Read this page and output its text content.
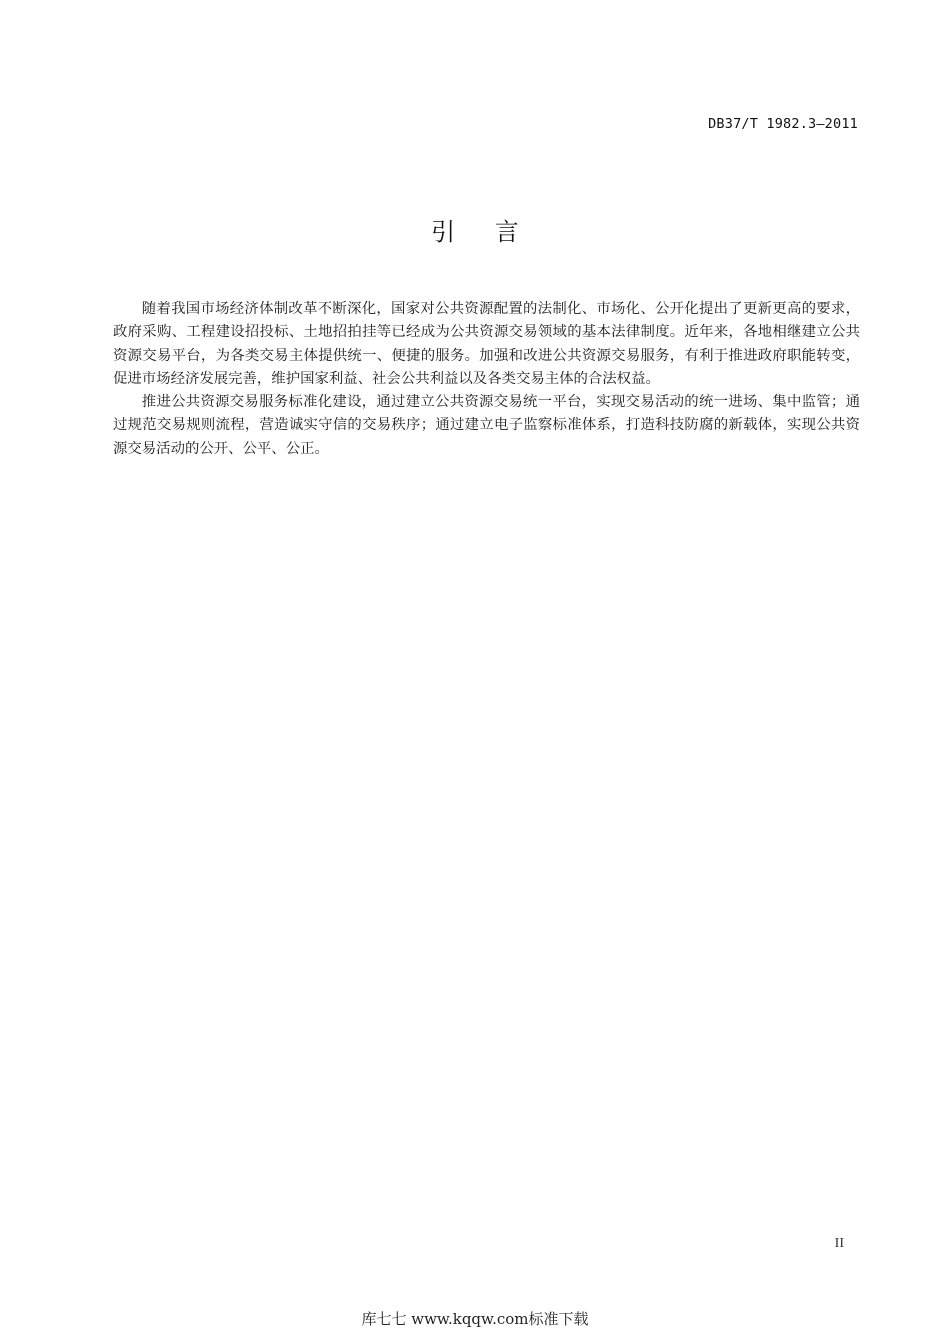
DB37/T 1982.3—2011
引 言

随着我国市场经济体制改革不断深化，国家对公共资源配置的法制化、市场化、公开化提出了更新更高的要求，政府采购、工程建设招投标、土地招拍挂等已经成为公共资源交易领域的基本法律制度。近年来，各地相继建立公共资源交易平台，为各类交易主体提供统一、便捷的服务。加强和改进公共资源交易服务，有利于推进政府职能转变，促进市场经济发展完善，维护国家利益、社会公共利益以及各类交易主体的合法权益。

推进公共资源交易服务标准化建设，通过建立公共资源交易统一平台，实现交易活动的统一进场、集中监管；通过规范交易规则流程，营造诚实守信的交易秩序；通过建立电子监察标准体系，打造科技防腐的新载体，实现公共资源交易活动的公开、公平、公正。

II
库七七 www.kqqw.com标准下载
